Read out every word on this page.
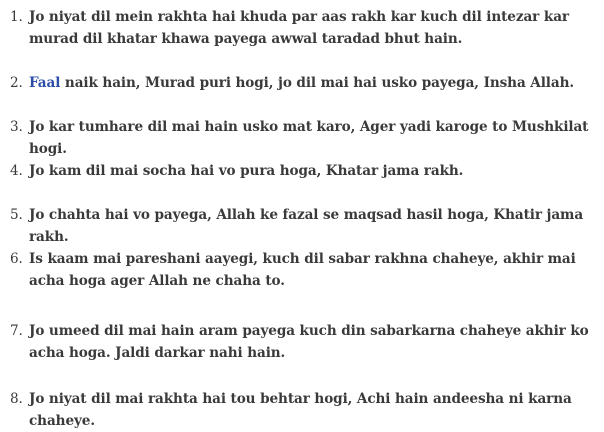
1. Jo niyat dil mein rakhta hai khuda par aas rakh kar kuch dil intezar kar murad dil khatar khawa payega awwal taradad bhut hain.
2. Faal naik hain, Murad puri hogi, jo dil mai hai usko payega, Insha Allah.
3. Jo kar tumhare dil mai hain usko mat karo, Ager yadi karoge to Mushkilat hogi.
4. Jo kam dil mai socha hai vo pura hoga, Khatar jama rakh.
5. Jo chahta hai vo payega, Allah ke fazal se maqsad hasil hoga, Khatir jama rakh.
6. Is kaam mai pareshani aayegi, kuch dil sabar rakhna chaheye, akhir mai acha hoga ager Allah ne chaha to.
7. Jo umeed dil mai hain aram payega kuch din sabarkarna chaheye akhir ko acha hoga. Jaldi darkar nahi hain.
8. Jo niyat dil mai rakhta hai tou behtar hogi, Achi hain andeesha ni karna chaheye.
